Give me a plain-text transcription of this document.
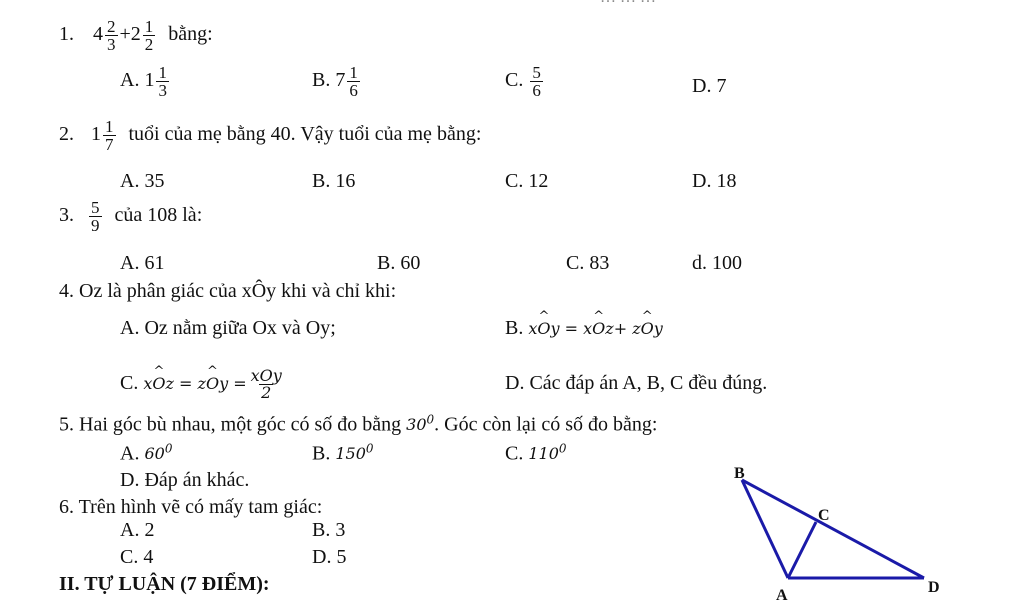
1. $4 \frac{2}{3} +2 \frac{1}{2}$ bằng:
A. $1 \frac{1}{3}$	B. $7 \frac{1}{6}$	C. $\frac{5}{6}$	D. 7
2. $1 \frac{1}{7}$ tuổi của mẹ bằng 40. Vậy tuổi của mẹ bằng:
A. 35	B. 16	C. 12	D. 18
3. $\frac{5}{9}$ của 108 là:
A. 61	B. 60	C. 83	d. 100
4. Oz là phân giác của xÔy khi và chỉ khi:
A. Oz nằm giữa Ox và Oy;	B. x^ Oy = x^ Oz+ z^ Oy
C. x^ Oz = z^ $Oy = \frac{\text{xOy}}{2}$	D. Các đáp án A, B, C đều đúng.
5. Hai góc bù nhau, một góc có số đo bằng $30^0$. Góc còn lại có số đo bằng:
A. $60^0$	B. $150^0$	C. $110^0$
D. Đáp án khác.
6. Trên hình vẽ có mấy tam giác:
A. 2	B. 3
C. 4	D. 5
II. TỰ LUẬN (7 ĐIỂM):
B
C
A	D
